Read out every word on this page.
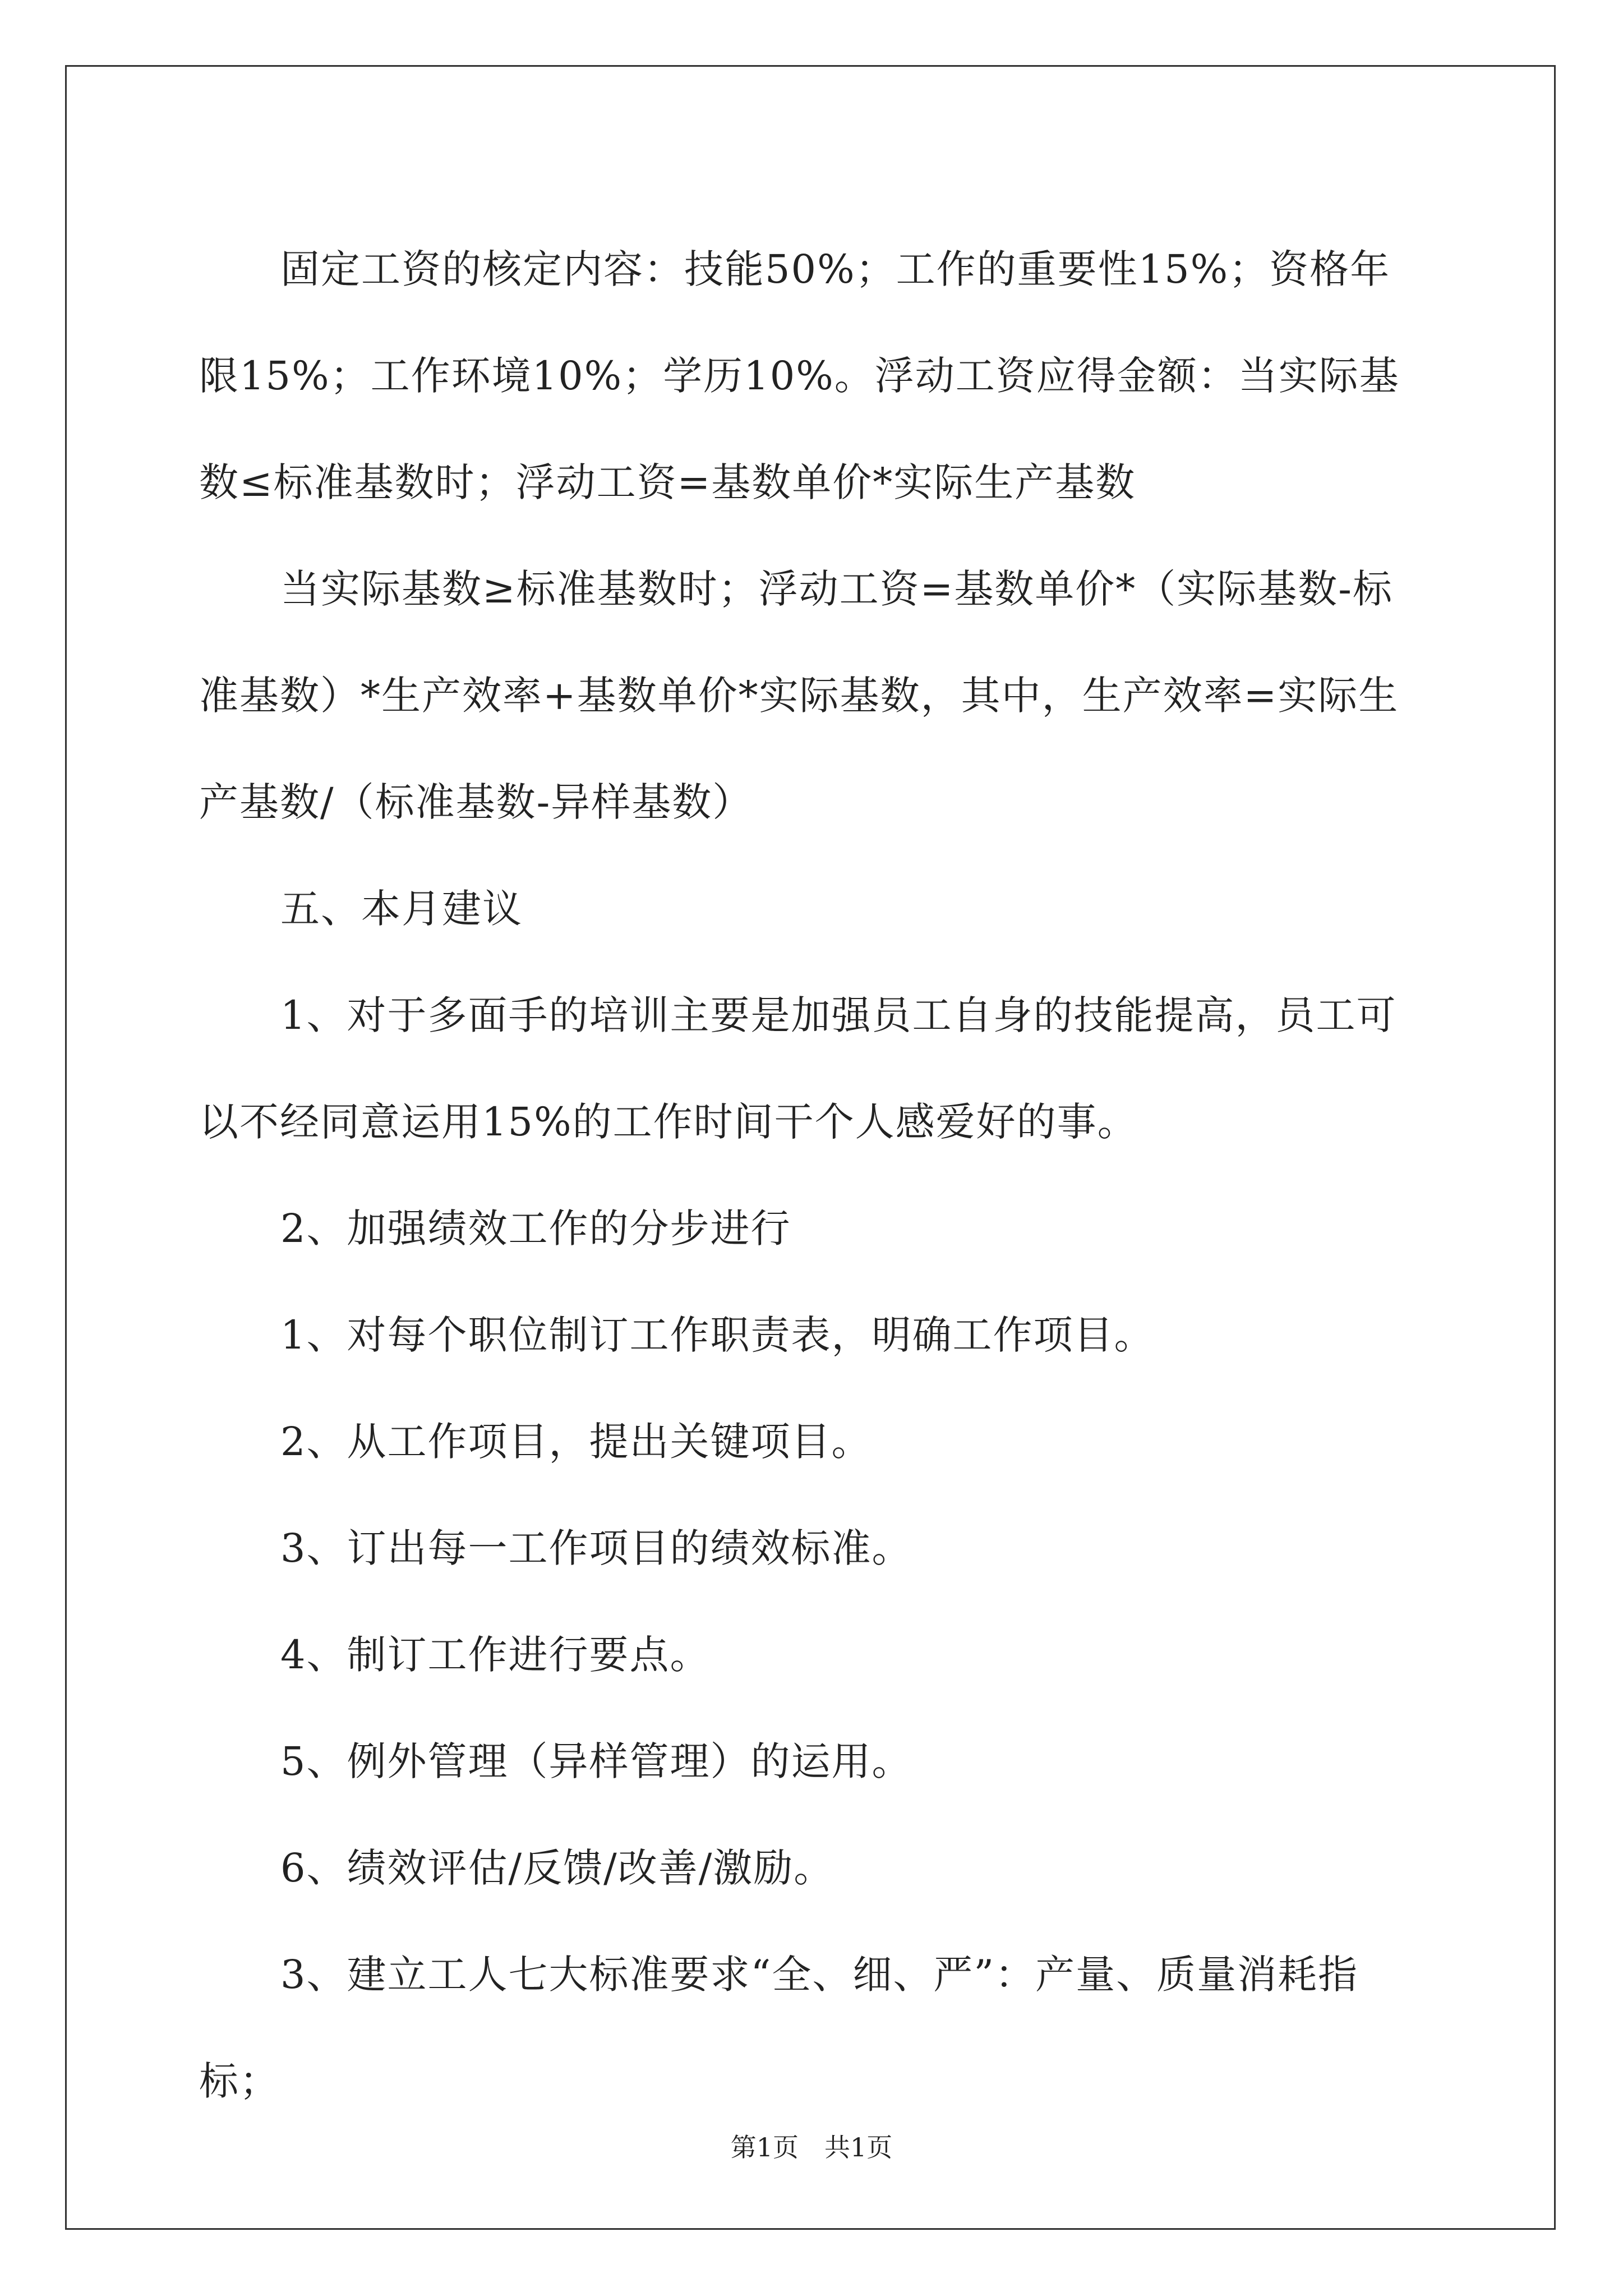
固定工资的核定内容：技能50%；工作的重要性15%；资格年限15%；工作环境10%；学历10%。浮动工资应得金额：当实际基数≤标准基数时；浮动工资=基数单价*实际生产基数

当实际基数≥标准基数时；浮动工资=基数单价*（实际基数-标准基数）*生产效率+基数单价*实际基数，其中，生产效率=实际生产基数/（标准基数-异样基数）

五、本月建议

1、对于多面手的培训主要是加强员工自身的技能提高，员工可以不经同意运用15%的工作时间干个人感爱好的事。

2、加强绩效工作的分步进行

1、对每个职位制订工作职责表，明确工作项目。

2、从工作项目，提出关键项目。

3、订出每一工作项目的绩效标准。

4、制订工作进行要点。

5、例外管理（异样管理）的运用。

6、绩效评估/反馈/改善/激励。

3、建立工人七大标准要求“全、细、严”：产量、质量消耗指标；

第1页　共1页
